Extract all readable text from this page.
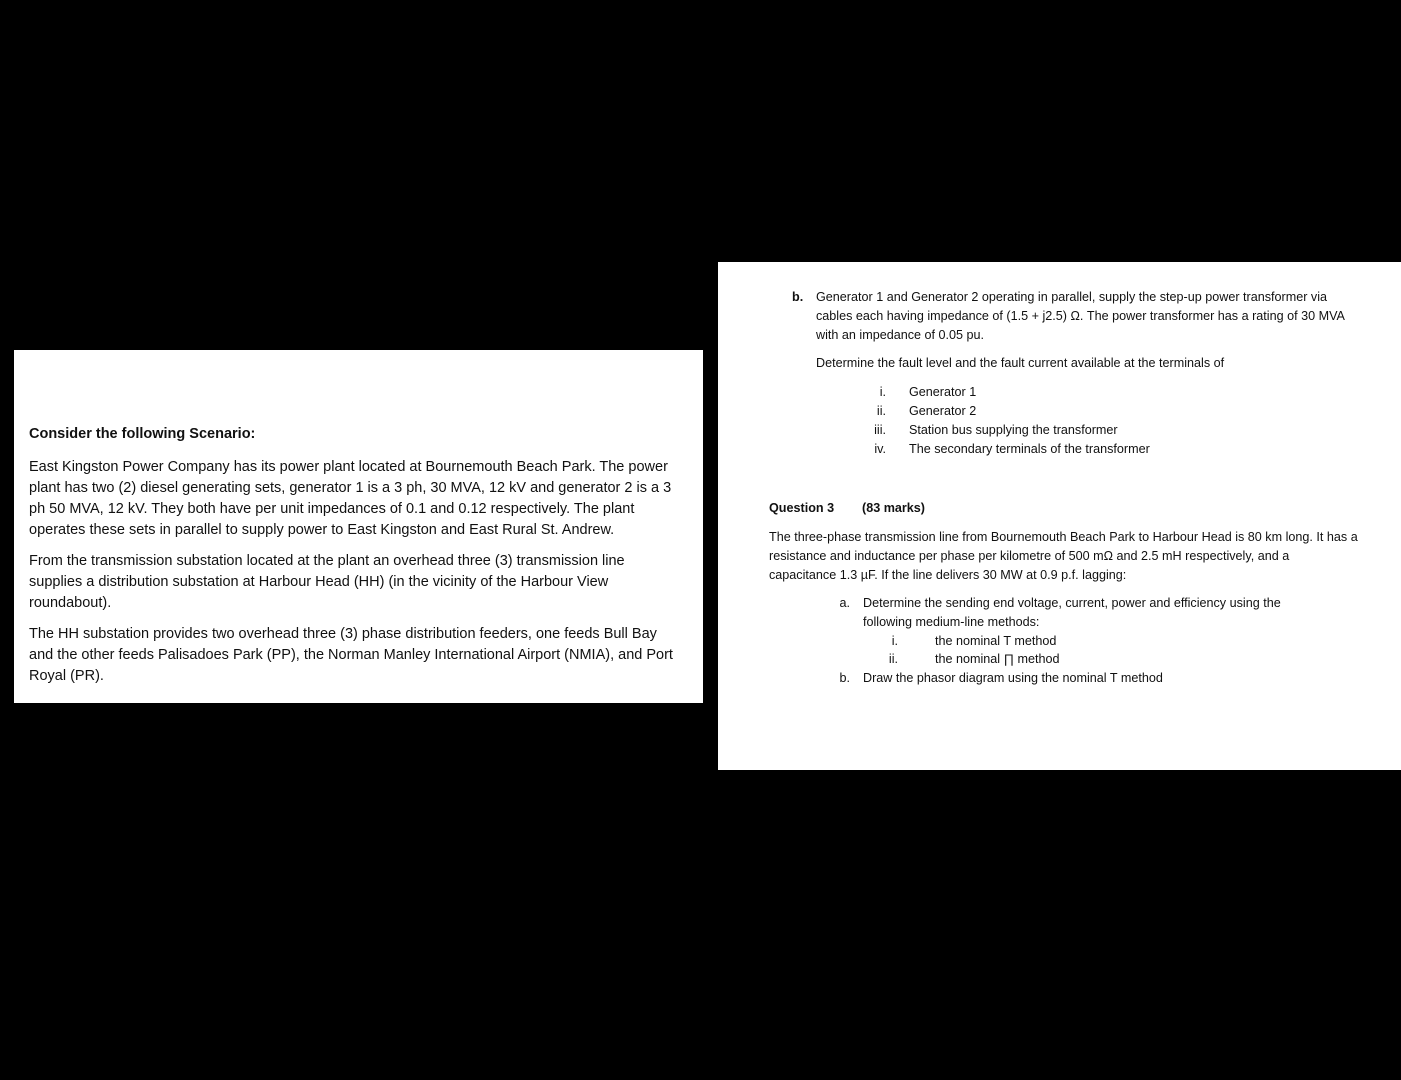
Consider the following Scenario:
East Kingston Power Company has its power plant located at Bournemouth Beach Park. The power plant has two (2) diesel generating sets, generator 1 is a 3 ph, 30 MVA, 12 kV and generator 2 is a 3 ph 50 MVA, 12 kV. They both have per unit impedances of 0.1 and 0.12 respectively. The plant operates these sets in parallel to supply power to East Kingston and East Rural St. Andrew.
From the transmission substation located at the plant an overhead three (3) transmission line supplies a distribution substation at Harbour Head (HH) (in the vicinity of the Harbour View roundabout).
The HH substation provides two overhead three (3) phase distribution feeders, one feeds Bull Bay and the other feeds Palisadoes Park (PP), the Norman Manley International Airport (NMIA), and Port Royal (PR).
b. Generator 1 and Generator 2 operating in parallel, supply the step-up power transformer via cables each having impedance of (1.5 + j2.5) Ω. The power transformer has a rating of 30 MVA with an impedance of 0.05 pu.
Determine the fault level and the fault current available at the terminals of
i. Generator 1
ii. Generator 2
iii. Station bus supplying the transformer
iv. The secondary terminals of the transformer
Question 3 (83 marks)
The three-phase transmission line from Bournemouth Beach Park to Harbour Head is 80 km long. It has a resistance and inductance per phase per kilometre of 500 mΩ and 2.5 mH respectively, and a capacitance 1.3 µF. If the line delivers 30 MW at 0.9 p.f. lagging:
a. Determine the sending end voltage, current, power and efficiency using the following medium-line methods:
i.	the nominal T method
ii.	the nominal ∏ method
b. Draw the phasor diagram using the nominal T method
